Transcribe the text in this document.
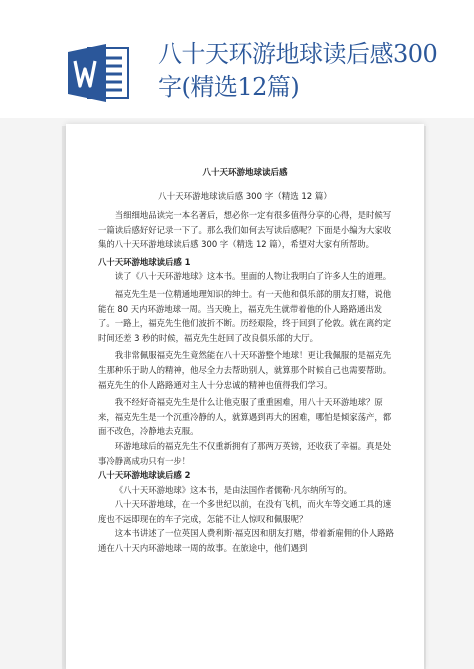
八十天环游地球读后感300
字(精选12篇)
八十天环游地球读后感
八十天环游地球读后感 300 字（精选 12 篇）

当细细地品读完一本名著后，想必你一定有很多值得分享的心得，是时候写一篇读后感好好记录一下了。那么我们如何去写读后感呢？下面是小编为大家收集的八十天环游地球读后感 300 字（精选 12 篇），希望对大家有所帮助。

八十天环游地球读后感 1

读了《八十天环游地球》这本书。里面的人物让我明白了许多人生的道理。

福克先生是一位精通地理知识的绅士。有一天他和俱乐部的朋友打赌，说他能在 80 天内环游地球一周。当天晚上，福克先生就带着他的仆人路路通出发了。一路上，福克先生他们波折不断。历经艰险，终于回到了伦敦。就在离约定时间还差 3 秒的时候，福克先生赶回了改良俱乐部的大厅。

我非常佩服福克先生竟然能在八十天环游整个地球！更让我佩服的是福克先生那种乐于助人的精神，他尽全力去帮助别人，就算那个时候自己也需要帮助。福克先生的仆人路路通对主人十分忠诚的精神也值得我们学习。

我不经好奇福克先生是什么让他克服了重重困难，用八十天环游地球？原来，福克先生是一个沉重冷静的人，就算遇到再大的困难，哪怕是倾家荡产，都面不改色，冷静地去克服。

环游地球后的福克先生不仅重新拥有了那两万英镑，还收获了幸福。真是处事冷静离成功只有一步！

八十天环游地球读后感 2

《八十天环游地球》这本书，是由法国作者儒勒·凡尔纳所写的。

八十天环游地球，在一个多世纪以前，在没有飞机，而火车等交通工具的速度也不远即现在的车子完成，怎能不让人惊叹和佩服呢？

这本书讲述了一位英国人费利斯·福克因和朋友打赌，带着新雇佣的仆人路路通在八十天内环游地球一周的故事。在旅途中，他们遇到
